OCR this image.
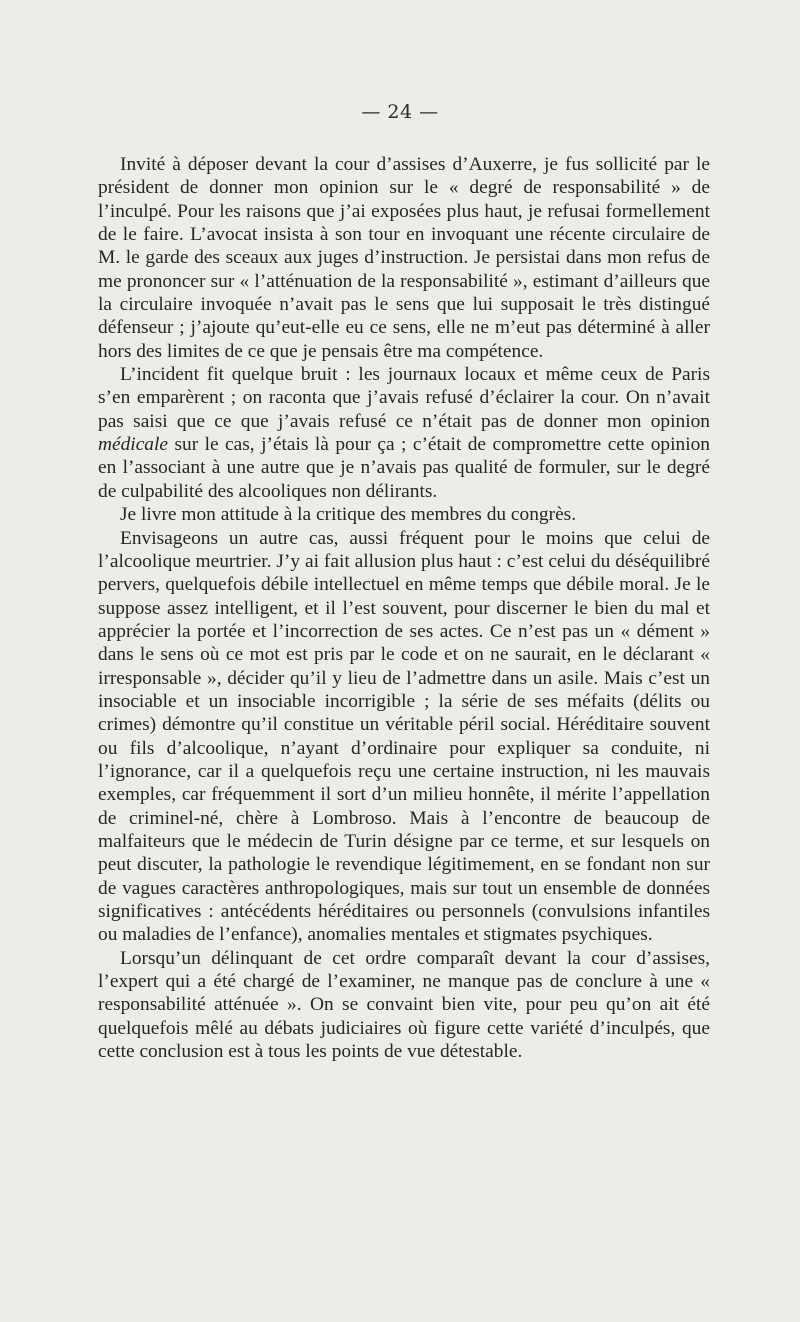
— 24 —

Invité à déposer devant la cour d’assises d’Auxerre, je fus sollicité par le président de donner mon opinion sur le « degré de responsabilité » de l’inculpé. Pour les raisons que j’ai exposées plus haut, je refusai formellement de le faire. L’avocat insista à son tour en invoquant une récente circulaire de M. le garde des sceaux aux juges d’instruction. Je persistai dans mon refus de me prononcer sur « l’atténuation de la responsabilité », estimant d’ailleurs que la circulaire invoquée n’avait pas le sens que lui supposait le très distingué défenseur ; j’ajoute qu’eut-elle eu ce sens, elle ne m’eut pas déterminé à aller hors des limites de ce que je pensais être ma compétence.

L’incident fit quelque bruit : les journaux locaux et même ceux de Paris s’en emparèrent ; on raconta que j’avais refusé d’éclairer la cour. On n’avait pas saisi que ce que j’avais refusé ce n’était pas de donner mon opinion médicale sur le cas, j’étais là pour ça ; c’était de compromettre cette opinion en l’associant à une autre que je n’avais pas qualité de formuler, sur le degré de culpabilité des alcooliques non délirants.

Je livre mon attitude à la critique des membres du congrès.

Envisageons un autre cas, aussi fréquent pour le moins que celui de l’alcoolique meurtrier. J’y ai fait allusion plus haut : c’est celui du déséquilibré pervers, quelquefois débile intellectuel en même temps que débile moral. Je le suppose assez intelligent, et il l’est souvent, pour discerner le bien du mal et apprécier la portée et l’incorrection de ses actes. Ce n’est pas un « dément » dans le sens où ce mot est pris par le code et on ne saurait, en le déclarant « irresponsable », décider qu’il y lieu de l’admettre dans un asile. Mais c’est un insociable et un insociable incorrigible ; la série de ses méfaits (délits ou crimes) démontre qu’il constitue un véritable péril social. Héréditaire souvent ou fils d’alcoolique, n’ayant d’ordinaire pour expliquer sa conduite, ni l’ignorance, car il a quelquefois reçu une certaine instruction, ni les mauvais exemples, car fréquemment il sort d’un milieu honnête, il mérite l’appellation de criminel-né, chère à Lombroso. Mais à l’encontre de beaucoup de malfaiteurs que le médecin de Turin désigne par ce terme, et sur lesquels on peut discuter, la pathologie le revendique légitimement, en se fondant non sur de vagues caractères anthropologiques, mais sur tout un ensemble de données significatives : antécédents héréditaires ou personnels (convulsions infantiles ou maladies de l’enfance), anomalies mentales et stigmates psychiques.

Lorsqu’un délinquant de cet ordre comparaît devant la cour d’assises, l’expert qui a été chargé de l’examiner, ne manque pas de conclure à une « responsabilité atténuée ». On se convaint bien vite, pour peu qu’on ait été quelquefois mêlé au débats judiciaires où figure cette variété d’inculpés, que cette conclusion est à tous les points de vue détestable.
